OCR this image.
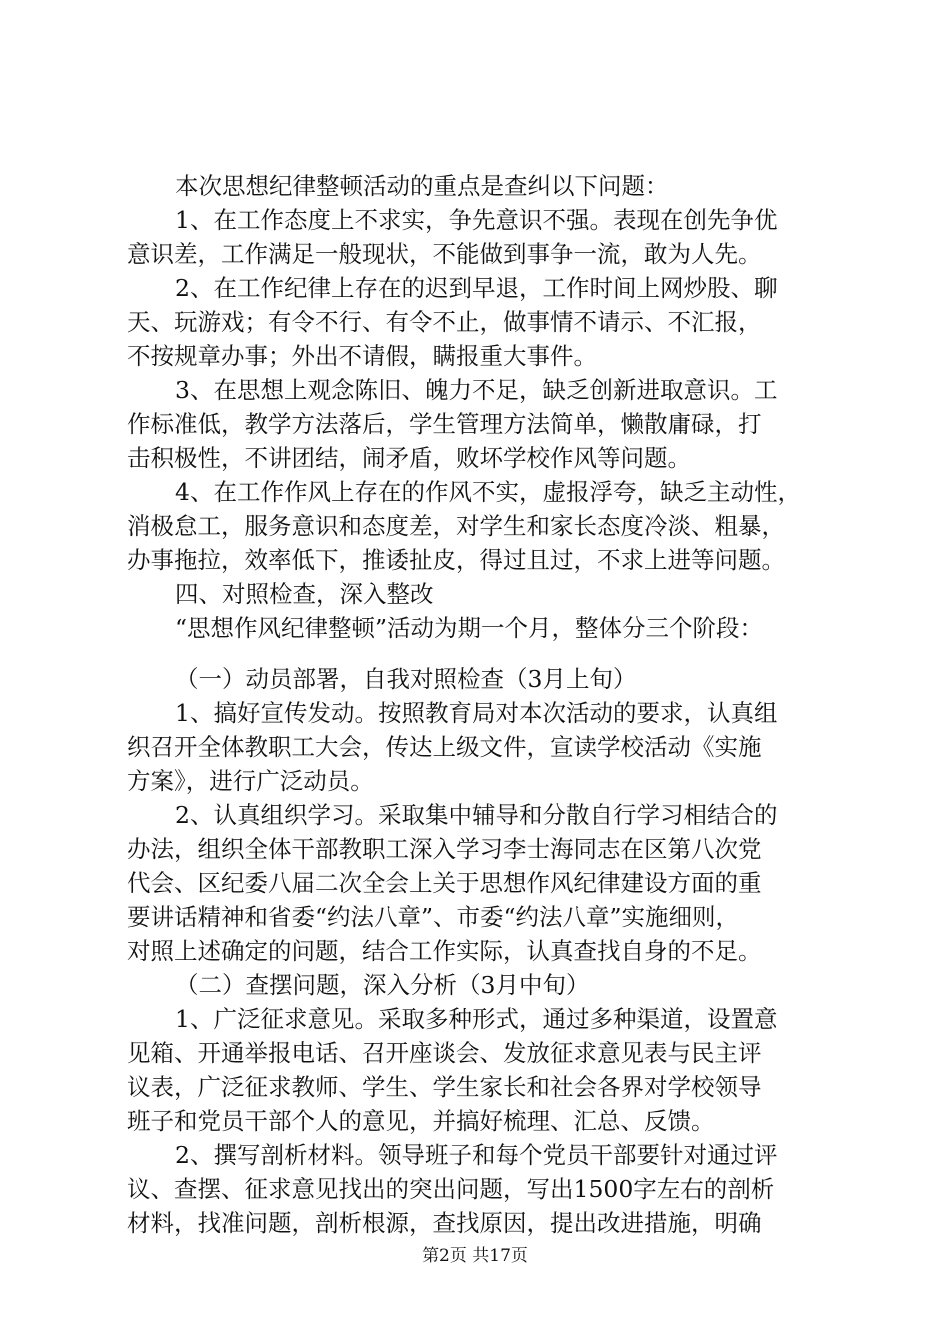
本次思想纪律整顿活动的重点是查纠以下问题：
1、在工作态度上不求实，争先意识不强。表现在创先争优
意识差，工作满足一般现状，不能做到事争一流，敢为人先。
2、在工作纪律上存在的迟到早退，工作时间上网炒股、聊
天、玩游戏；有令不行、有令不止，做事情不请示、不汇报，
不按规章办事；外出不请假，瞒报重大事件。
3、在思想上观念陈旧、魄力不足，缺乏创新进取意识。工
作标准低，教学方法落后，学生管理方法简单，懒散庸碌，打
击积极性，不讲团结，闹矛盾，败坏学校作风等问题。
4、在工作作风上存在的作风不实，虚报浮夸，缺乏主动性，
消极怠工，服务意识和态度差，对学生和家长态度冷淡、粗暴，
办事拖拉，效率低下，推诿扯皮，得过且过，不求上进等问题。
四、对照检查，深入整改
“思想作风纪律整顿”活动为期一个月，整体分三个阶段：
（一）动员部署，自我对照检查（3月上旬）
1、搞好宣传发动。按照教育局对本次活动的要求，认真组
织召开全体教职工大会，传达上级文件，宣读学校活动《实施
方案》，进行广泛动员。
2、认真组织学习。采取集中辅导和分散自行学习相结合的
办法，组织全体干部教职工深入学习李士海同志在区第八次党
代会、区纪委八届二次全会上关于思想作风纪律建设方面的重
要讲话精神和省委“约法八章”、市委“约法八章”实施细则，
对照上述确定的问题，结合工作实际，认真查找自身的不足。
（二）查摆问题，深入分析（3月中旬）
1、广泛征求意见。采取多种形式，通过多种渠道，设置意
见箱、开通举报电话、召开座谈会、发放征求意见表与民主评
议表，广泛征求教师、学生、学生家长和社会各界对学校领导
班子和党员干部个人的意见，并搞好梳理、汇总、反馈。
2、撰写剖析材料。领导班子和每个党员干部要针对通过评
议、查摆、征求意见找出的突出问题，写出1500字左右的剖析
材料，找准问题，剖析根源，查找原因，提出改进措施，明确
第2页 共17页
